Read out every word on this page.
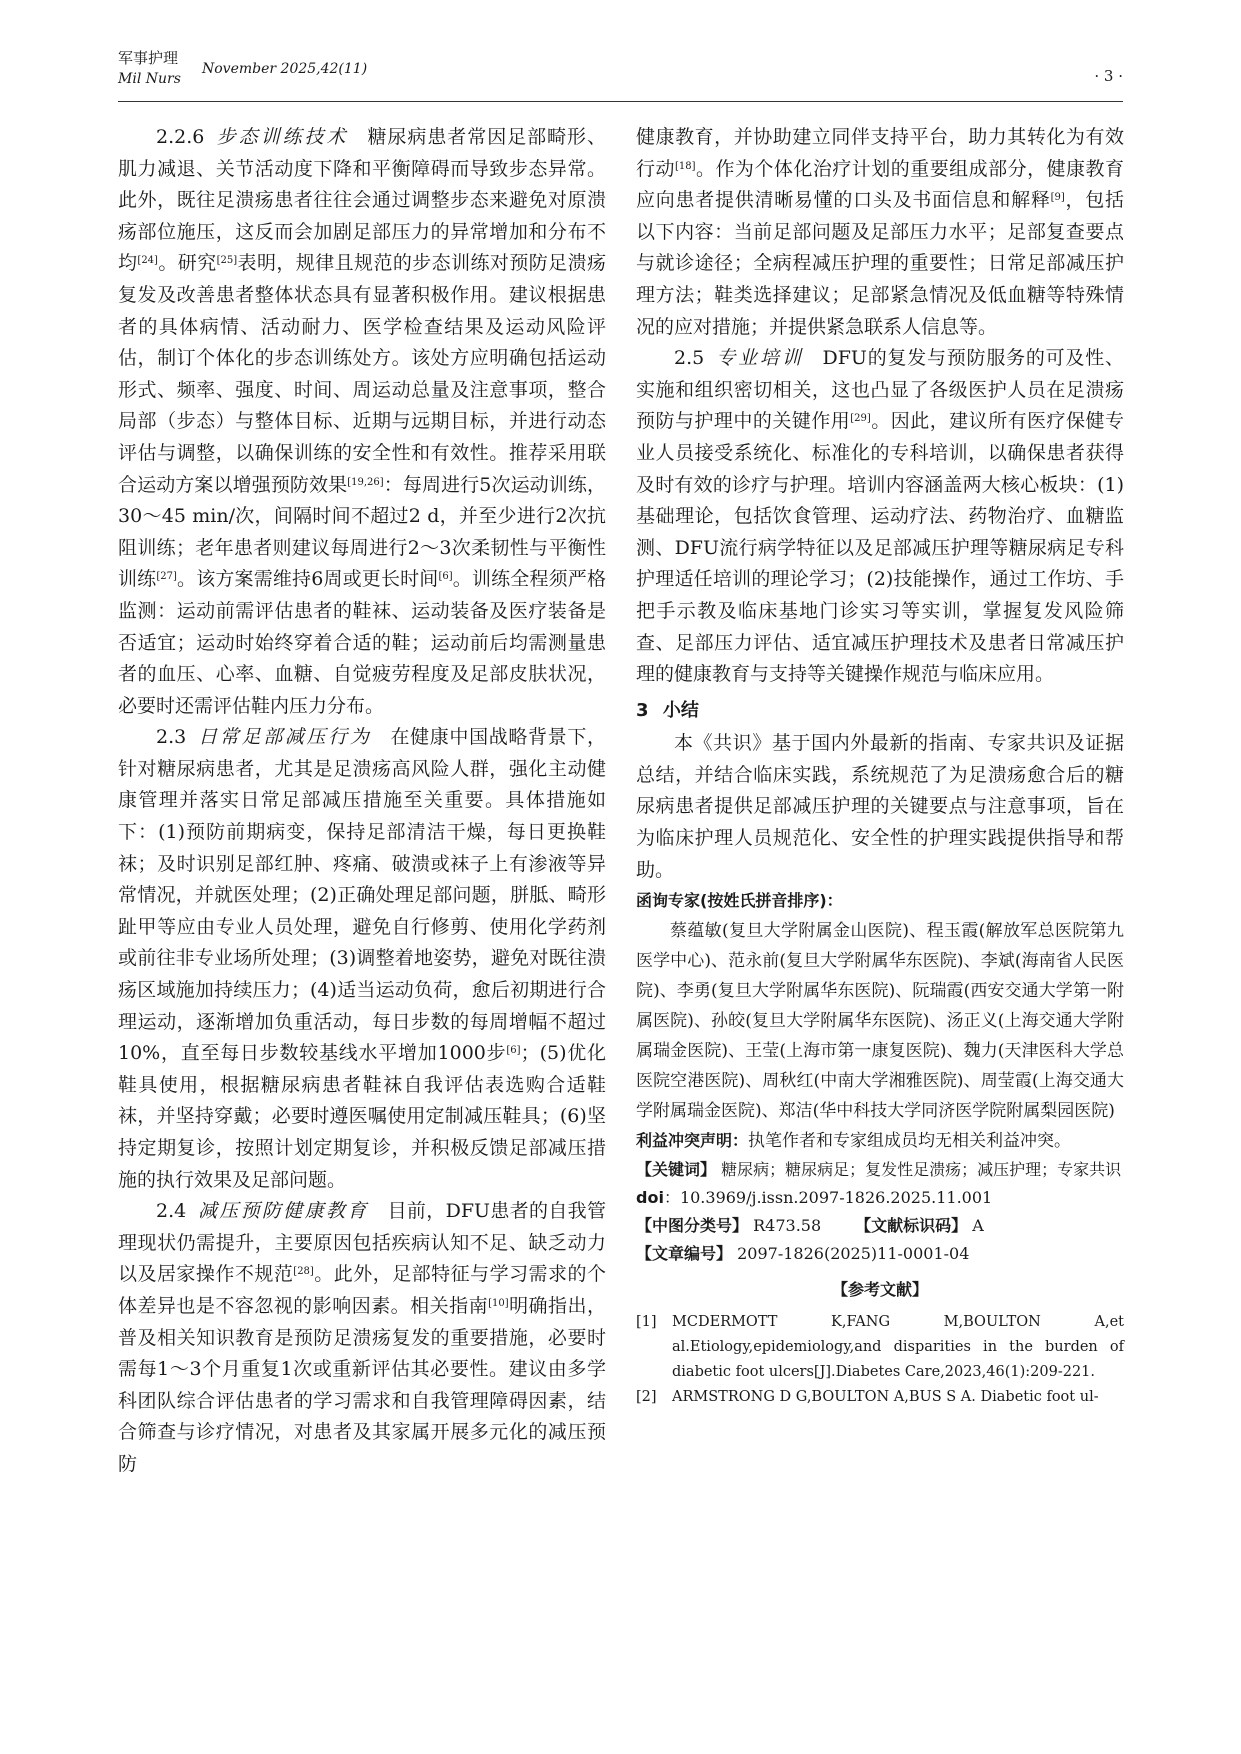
军事护理
Mil Nurs
November 2025,42(11)	· 3 ·

2.2.6 步态训练技术 糖尿病患者常因足部畸形、肌力减退、关节活动度下降和平衡障碍而导致步态异常。此外，既往足溃疡患者往往会通过调整步态来避免对原溃疡部位施压，这反而会加剧足部压力的异常增加和分布不均[24]。研究[25]表明，规律且规范的步态训练对预防足溃疡复发及改善患者整体状态具有显著积极作用。建议根据患者的具体病情、活动耐力、医学检查结果及运动风险评估，制订个体化的步态训练处方。该处方应明确包括运动形式、频率、强度、时间、周运动总量及注意事项，整合局部（步态）与整体目标、近期与远期目标，并进行动态评估与调整，以确保训练的安全性和有效性。推荐采用联合运动方案以增强预防效果[19,26]：每周进行5次运动训练，30～45 min/次，间隔时间不超过2 d，并至少进行2次抗阻训练；老年患者则建议每周进行2～3次柔韧性与平衡性训练[27]。该方案需维持6周或更长时间[6]。训练全程须严格监测：运动前需评估患者的鞋袜、运动装备及医疗装备是否适宜；运动时始终穿着合适的鞋；运动前后均需测量患者的血压、心率、血糖、自觉疲劳程度及足部皮肤状况，必要时还需评估鞋内压力分布。

2.3 日常足部减压行为 在健康中国战略背景下，针对糖尿病患者，尤其是足溃疡高风险人群，强化主动健康管理并落实日常足部减压措施至关重要。具体措施如下：(1)预防前期病变，保持足部清洁干燥，每日更换鞋袜；及时识别足部红肿、疼痛、破溃或袜子上有渗液等异常情况，并就医处理；(2)正确处理足部问题，胼胝、畸形趾甲等应由专业人员处理，避免自行修剪、使用化学药剂或前往非专业场所处理；(3)调整着地姿势，避免对既往溃疡区域施加持续压力；(4)适当运动负荷，愈后初期进行合理运动，逐渐增加负重活动，每日步数的每周增幅不超过10%，直至每日步数较基线水平增加1000步[6]；(5)优化鞋具使用，根据糖尿病患者鞋袜自我评估表选购合适鞋袜，并坚持穿戴；必要时遵医嘱使用定制减压鞋具；(6)坚持定期复诊，按照计划定期复诊，并积极反馈足部减压措施的执行效果及足部问题。

2.4 减压预防健康教育 目前，DFU患者的自我管理现状仍需提升，主要原因包括疾病认知不足、缺乏动力以及居家操作不规范[28]。此外，足部特征与学习需求的个体差异也是不容忽视的影响因素。相关指南[10]明确指出，普及相关知识教育是预防足溃疡复发的重要措施，必要时需每1～3个月重复1次或重新评估其必要性。建议由多学科团队综合评估患者的学习需求和自我管理障碍因素，结合筛查与诊疗情况，对患者及其家属开展多元化的减压预防

健康教育，并协助建立同伴支持平台，助力其转化为有效行动[18]。作为个体化治疗计划的重要组成部分，健康教育应向患者提供清晰易懂的口头及书面信息和解释[9]，包括以下内容：当前足部问题及足部压力水平；足部复查要点与就诊途径；全病程减压护理的重要性；日常足部减压护理方法；鞋类选择建议；足部紧急情况及低血糖等特殊情况的应对措施；并提供紧急联系人信息等。

2.5 专业培训 DFU的复发与预防服务的可及性、实施和组织密切相关，这也凸显了各级医护人员在足溃疡预防与护理中的关键作用[29]。因此，建议所有医疗保健专业人员接受系统化、标准化的专科培训，以确保患者获得及时有效的诊疗与护理。培训内容涵盖两大核心板块：(1)基础理论，包括饮食管理、运动疗法、药物治疗、血糖监测、DFU流行病学特征以及足部减压护理等糖尿病足专科护理适任培训的理论学习；(2)技能操作，通过工作坊、手把手示教及临床基地门诊实习等实训，掌握复发风险筛查、足部压力评估、适宜减压护理技术及患者日常减压护理的健康教育与支持等关键操作规范与临床应用。

3 小结

本《共识》基于国内外最新的指南、专家共识及证据总结，并结合临床实践，系统规范了为足溃疡愈合后的糖尿病患者提供足部减压护理的关键要点与注意事项，旨在为临床护理人员规范化、安全性的护理实践提供指导和帮助。

函询专家(按姓氏拼音排序)：
蔡蕴敏(复旦大学附属金山医院)、程玉霞(解放军总医院第九医学中心)、范永前(复旦大学附属华东医院)、李斌(海南省人民医院)、李勇(复旦大学附属华东医院)、阮瑞霞(西安交通大学第一附属医院)、孙皎(复旦大学附属华东医院)、汤正义(上海交通大学附属瑞金医院)、王莹(上海市第一康复医院)、魏力(天津医科大学总医院空港医院)、周秋红(中南大学湘雅医院)、周莹霞(上海交通大学附属瑞金医院)、郑洁(华中科技大学同济医学院附属梨园医院)

利益冲突声明：执笔作者和专家组成员均无相关利益冲突。

【关键词】 糖尿病；糖尿病足；复发性足溃疡；减压护理；专家共识

doi：10.3969/j.issn.2097-1826.2025.11.001

【中图分类号】 R473.58 【文献标识码】 A

【文章编号】 2097-1826(2025)11-0001-04

【参考文献】

[1] MCDERMOTT K,FANG M,BOULTON A,et al.Etiology,epidemiology,and disparities in the burden of diabetic foot ulcers[J].Diabetes Care,2023,46(1):209-221.

[2] ARMSTRONG D G,BOULTON A,BUS S A. Diabetic foot ul-
